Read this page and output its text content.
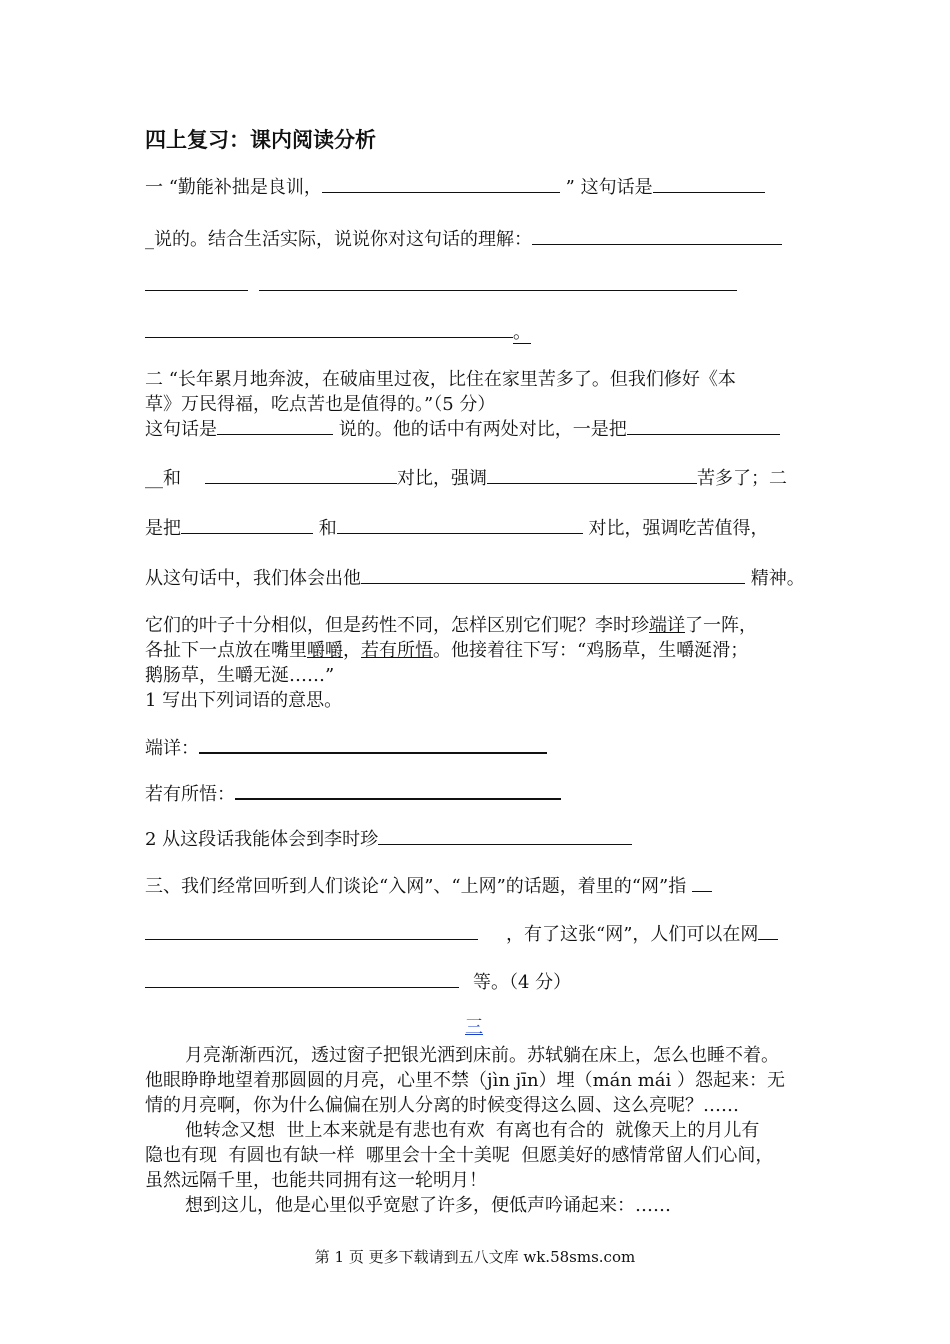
四上复习：课内阅读分析
一 “勤能补拙是良训，	” 这句话是
_说的。结合生活实际，说说你对这句话的理解：
。
二 “长年累月地奔波，在破庙里过夜，比住在家里苦多了。但我们修好《本
草》万民得福，吃点苦也是值得的。”（5 分）
这句话是	说的。他的话中有两处对比，一是把
__和	对比，强调	苦多了；二
是把	和	对比，强调吃苦值得，
从这句话中，我们体会出他	精神。
它们的叶子十分相似，但是药性不同，怎样区别它们呢？李时珍端详了一阵，
各扯下一点放在嘴里嚼嚼，若有所悟。他接着往下写：“鸡肠草，生嚼涎滑；
鹅肠草，生嚼无涎……”
1 写出下列词语的意思。
端详：
若有所悟：
2 从这段话我能体会到李时珍
三、我们经常回听到人们谈论“入网”、“上网”的话题，着里的“网”指
，有了这张“网”，人们可以在网
等。（4 分）
三
月亮渐渐西沉，透过窗子把银光洒到床前。苏轼躺在床上，怎么也睡不着。
他眼睁睁地望着那圆圆的月亮，心里不禁（jìn jīn）埋（mán mái ）怨起来：无
情的月亮啊，你为什么偏偏在别人分离的时候变得这么圆、这么亮呢？……
他转念又想  世上本来就是有悲也有欢  有离也有合的  就像天上的月儿有
隐也有现  有圆也有缺一样  哪里会十全十美呢  但愿美好的感情常留人们心间，
虽然远隔千里，也能共同拥有这一轮明月！
想到这儿，他是心里似乎宽慰了许多，便低声吟诵起来：……
第 1 页 更多下载请到五八文库 wk.58sms.com
